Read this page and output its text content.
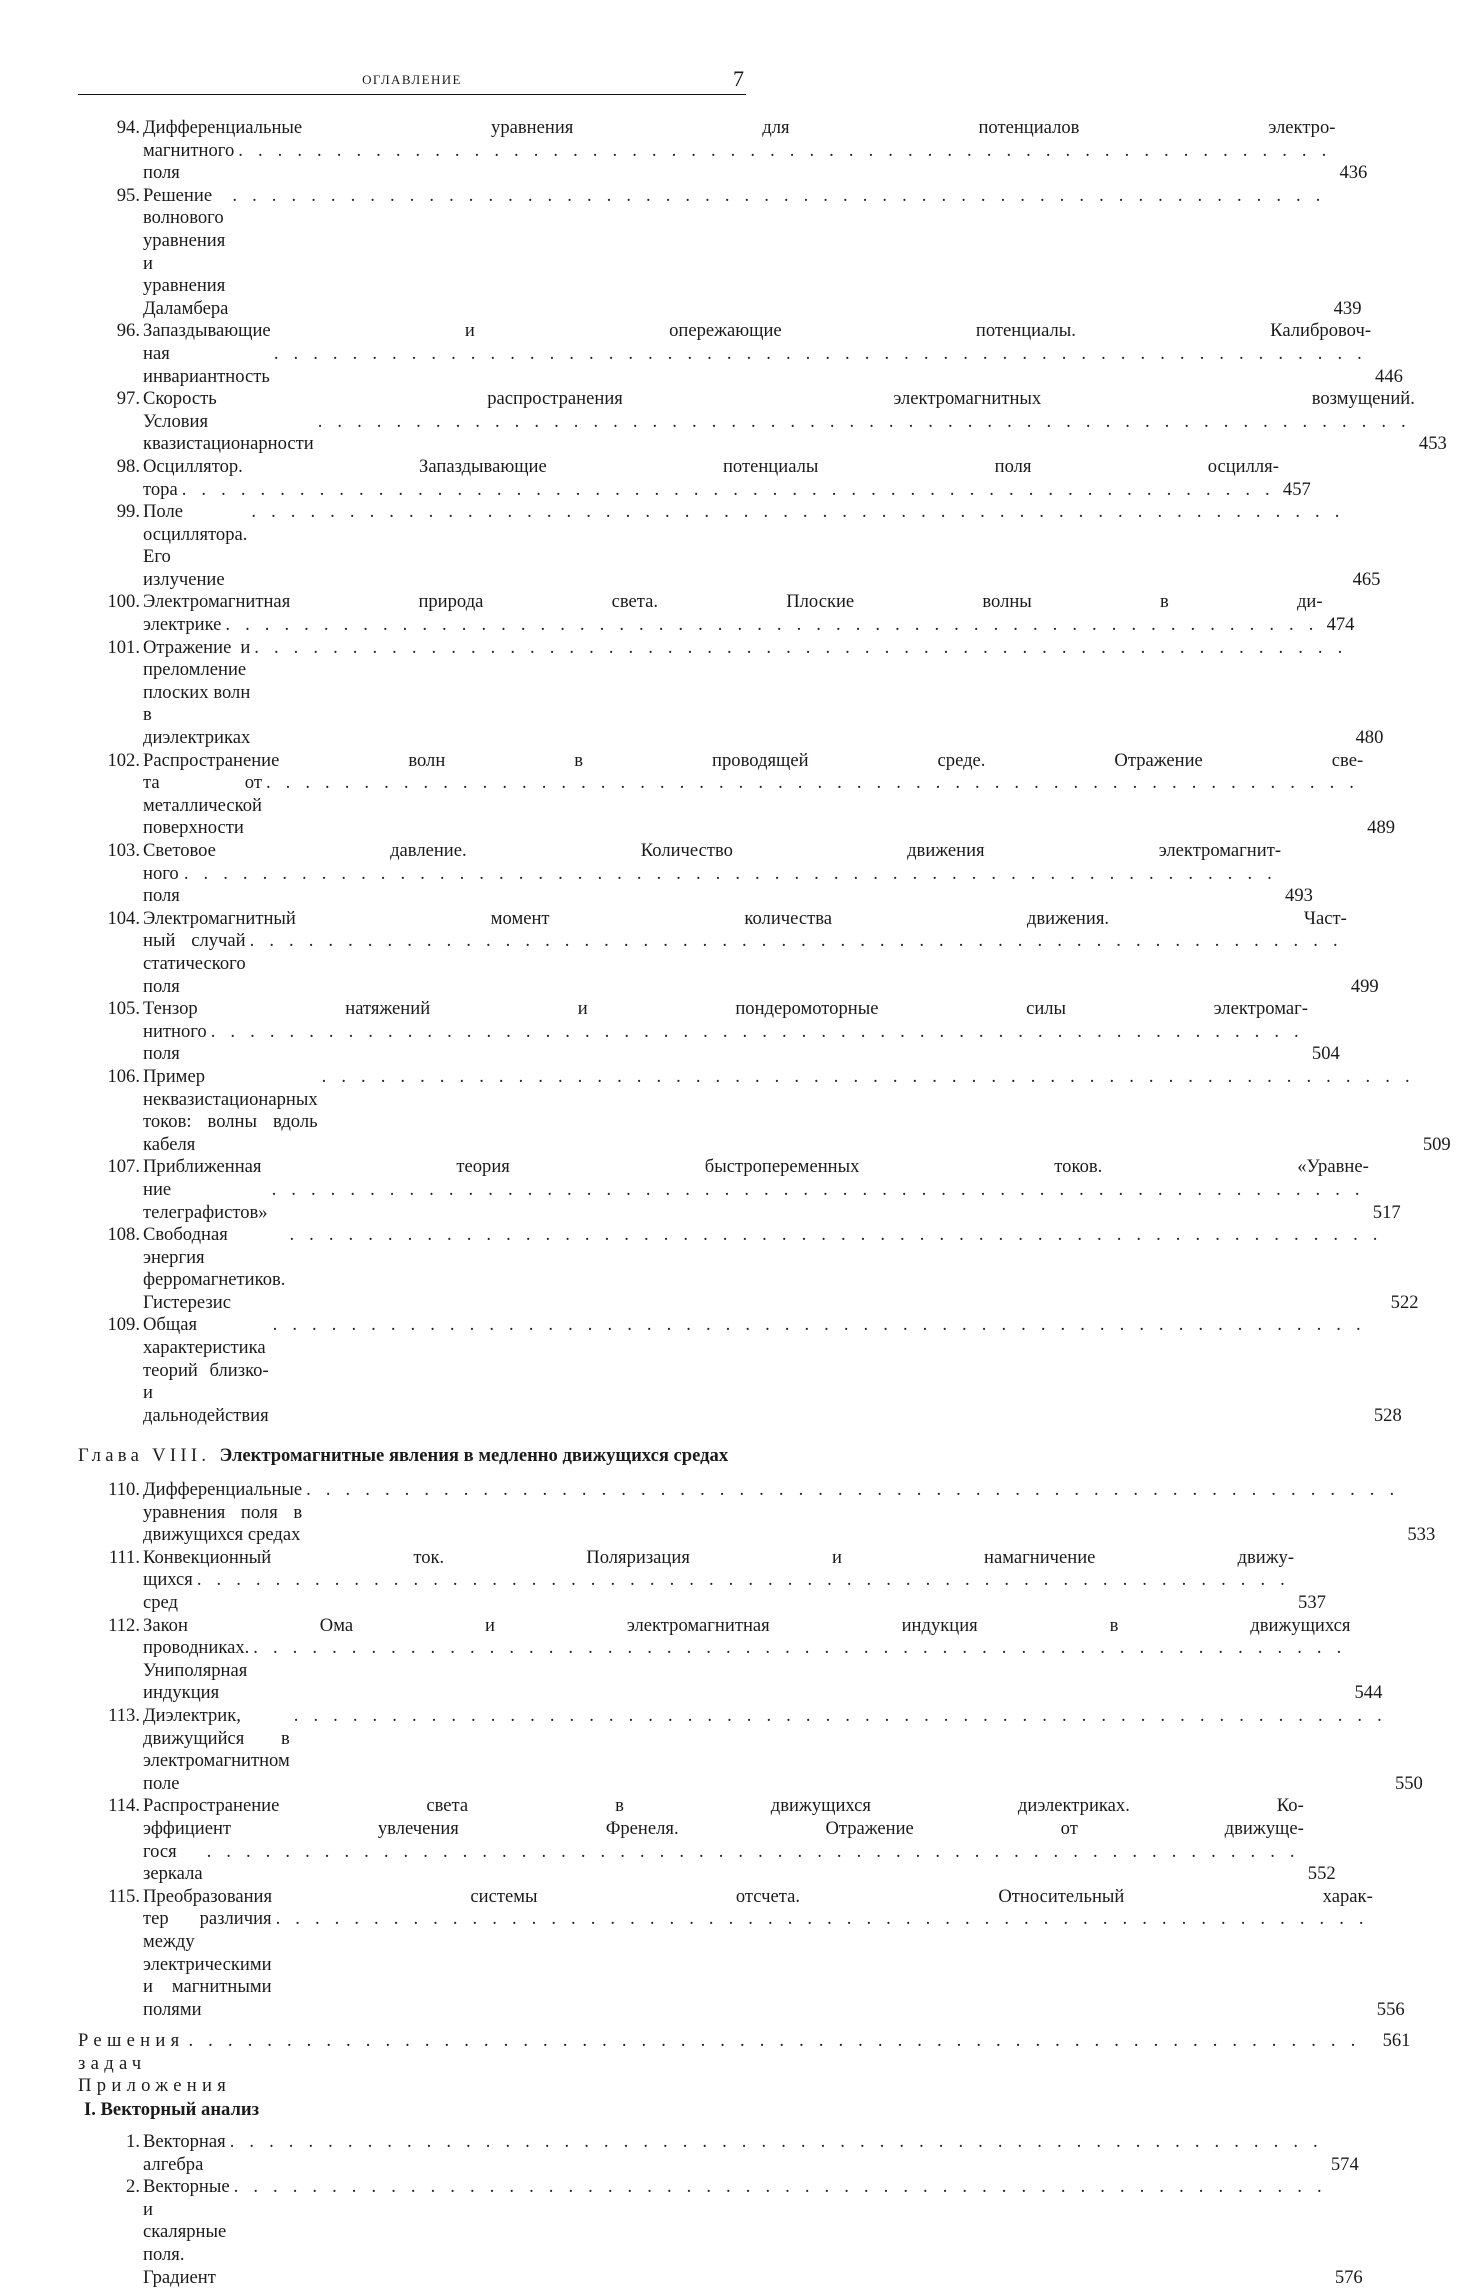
ОГЛАВЛЕНИЕ	7
94. Дифференциальные уравнения для потенциалов электро-
магнитного поля
. . . . . . . . . . . . . . . . . . . . . . . . . . . . . . . . . . . . . . . . . . . . . . . . . . . . . . . .
436
95. Решение волнового уравнения и уравнения Даламбера
. . . . . . . . . . . . . . . . . . . . . . . . . . . . . . . . . . . . . . . . . . . . . . . . . . . . . . . .
439
96. Запаздывающие и опережающие потенциалы. Калибровоч-
ная инвариантность
. . . . . . . . . . . . . . . . . . . . . . . . . . . . . . . . . . . . . . . . . . . . . . . . . . . . . . . .
446
97. Скорость распространения электромагнитных возмущений.
Условия квазистационарности
. . . . . . . . . . . . . . . . . . . . . . . . . . . . . . . . . . . . . . . . . . . . . . . . . . . . . . . .
453
98. Осциллятор. Запаздывающие потенциалы поля осцилля-
тора . . . . . . . . . . . . . . . . . . . . . . . . . . . . . . . . . . . . . . . . . . . . . . . . . . . . . . . . 457
99. Поле осциллятора. Его излучение
. . . . . . . . . . . . . . . . . . . . . . . . . . . . . . . . . . . . . . . . . . . . . . . . . . . . . . . .
465
100. Электромагнитная природа света. Плоские волны в ди-
электрике . . . . . . . . . . . . . . . . . . . . . . . . . . . . . . . . . . . . . . . . . . . . . . . . . . . . . . . . 474
101. Отражение и преломление плоских волн в диэлектриках
. . . . . . . . . . . . . . . . . . . . . . . . . . . . . . . . . . . . . . . . . . . . . . . . . . . . . . . .
480
102. Распространение волн в проводящей среде. Отражение све-
та от металлической поверхности
. . . . . . . . . . . . . . . . . . . . . . . . . . . . . . . . . . . . . . . . . . . . . . . . . . . . . . . .
489
103. Световое давление. Количество движения электромагнит-
ного поля
. . . . . . . . . . . . . . . . . . . . . . . . . . . . . . . . . . . . . . . . . . . . . . . . . . . . . . . .
493
104. Электромагнитный момент количества движения. Част-
ный случай статического поля
. . . . . . . . . . . . . . . . . . . . . . . . . . . . . . . . . . . . . . . . . . . . . . . . . . . . . . . .
499
105. Тензор натяжений и пондеромоторные силы электромаг-
нитного поля
. . . . . . . . . . . . . . . . . . . . . . . . . . . . . . . . . . . . . . . . . . . . . . . . . . . . . . . .
504
106. Пример неквазистационарных токов: волны вдоль кабеля
. . . . . . . . . . . . . . . . . . . . . . . . . . . . . . . . . . . . . . . . . . . . . . . . . . . . . . . .
509
107. Приближенная теория быстропеременных токов. «Уравне-
ние телеграфистов»
. . . . . . . . . . . . . . . . . . . . . . . . . . . . . . . . . . . . . . . . . . . . . . . . . . . . . . . .
517
108. Свободная энергия ферромагнетиков. Гистерезис
. . . . . . . . . . . . . . . . . . . . . . . . . . . . . . . . . . . . . . . . . . . . . . . . . . . . . . . .
522
109. Общая характеристика теорий близко- и дальнодействия
. . . . . . . . . . . . . . . . . . . . . . . . . . . . . . . . . . . . . . . . . . . . . . . . . . . . . . . .
528
Глава VIII. Электромагнитные явления в медленно движущихся средах
110. Дифференциальные уравнения поля в движущихся средах
. . . . . . . . . . . . . . . . . . . . . . . . . . . . . . . . . . . . . . . . . . . . . . . . . . . . . . . .
533
111. Конвекционный ток. Поляризация и намагничение движу-
щихся сред
. . . . . . . . . . . . . . . . . . . . . . . . . . . . . . . . . . . . . . . . . . . . . . . . . . . . . . . .
537
112. Закон Ома и электромагнитная индукция в движущихся
проводниках. Униполярная индукция
. . . . . . . . . . . . . . . . . . . . . . . . . . . . . . . . . . . . . . . . . . . . . . . . . . . . . . . .
544
113. Диэлектрик, движущийся в электромагнитном поле
. . . . . . . . . . . . . . . . . . . . . . . . . . . . . . . . . . . . . . . . . . . . . . . . . . . . . . . .
550
114. Распространение света в движущихся диэлектриках. Ко-
эффициент увлечения Френеля. Отражение от движуще-
гося зеркала
. . . . . . . . . . . . . . . . . . . . . . . . . . . . . . . . . . . . . . . . . . . . . . . . . . . . . . . .
552
115. Преобразования системы отсчета. Относительный харак-
тер различия между электрическими и магнитными полями
. . . . . . . . . . . . . . . . . . . . . . . . . . . . . . . . . . . . . . . . . . . . . . . . . . . . . . . .
556
Решения задач
. . . . . . . . . . . . . . . . . . . . . . . . . . . . . . . . . . . . . . . . . . . . . . . . . . . . . . . . . . . .	561
Приложения
I. Векторный анализ
1. Векторная алгебра
. . . . . . . . . . . . . . . . . . . . . . . . . . . . . . . . . . . . . . . . . . . . . . . . . . . . . . . .
574
2. Векторные и скалярные поля. Градиент
. . . . . . . . . . . . . . . . . . . . . . . . . . . . . . . . . . . . . . . . . . . . . . . . . . . . . . . .
576
